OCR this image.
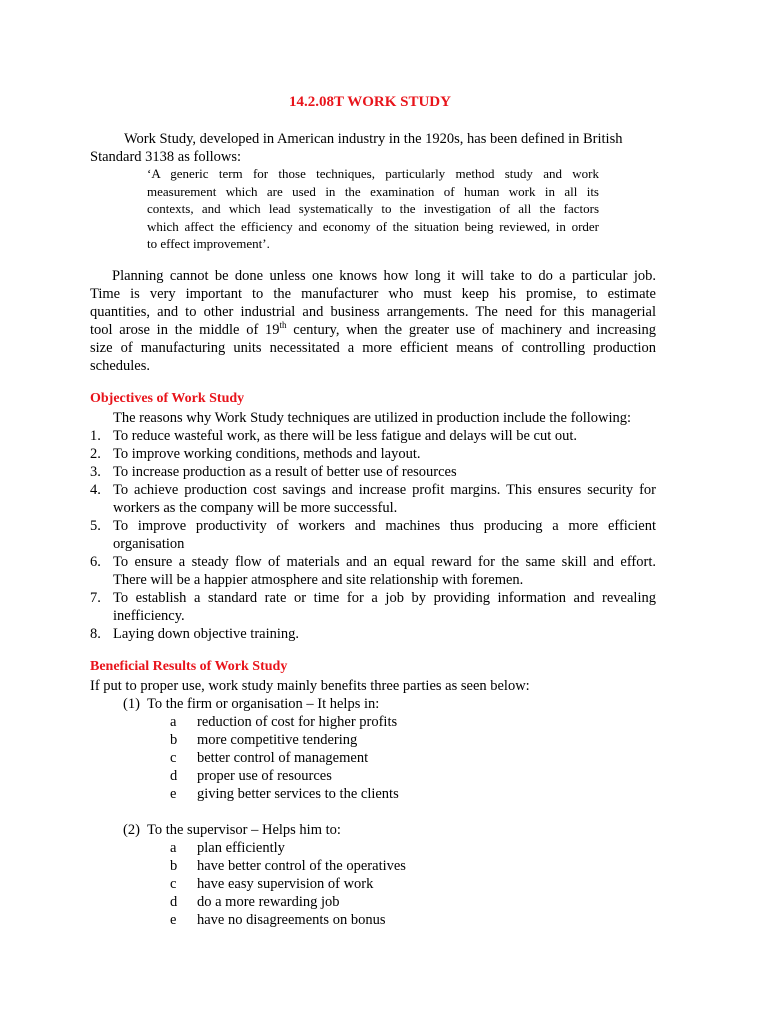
14.2.08T WORK STUDY
Work Study, developed in American industry in the 1920s, has been defined in British
Standard 3138 as follows:
‘A generic term for those techniques, particularly method study and work
measurement which are used in the examination of human work in all its
contexts, and which lead systematically to the investigation of all the factors
which affect the efficiency and economy of the situation being reviewed, in order
to effect improvement’.
Planning cannot be done unless one knows how long it will take to do a particular job.
Time is very important to the manufacturer who must keep his promise, to estimate
quantities, and to other industrial and business arrangements. The need for this managerial
tool arose in the middle of 19th century, when the greater use of machinery and increasing
size of manufacturing units necessitated a more efficient means of controlling production
schedules.
Objectives of Work Study
The reasons why Work Study techniques are utilized in production include the following:
1. To reduce wasteful work, as there will be less fatigue and delays will be cut out.
2. To improve working conditions, methods and layout.
3. To increase production as a result of better use of resources
4. To achieve production cost savings and increase profit margins. This ensures security for
workers as the company will be more successful.
5. To improve productivity of workers and machines thus producing a more efficient
organisation
6. To ensure a steady flow of materials and an equal reward for the same skill and effort.
There will be a happier atmosphere and site relationship with foremen.
7. To establish a standard rate or time for a job by providing information and revealing
inefficiency.
8. Laying down objective training.
Beneficial Results of Work Study
If put to proper use, work study mainly benefits three parties as seen below:
(1) To the firm or organisation – It helps in:
a reduction of cost for higher profits
b more competitive tendering
c better control of management
d proper use of resources
e giving better services to the clients
(2) To the supervisor – Helps him to:
a plan efficiently
b have better control of the operatives
c have easy supervision of work
d do a more rewarding job
e have no disagreements on bonus
